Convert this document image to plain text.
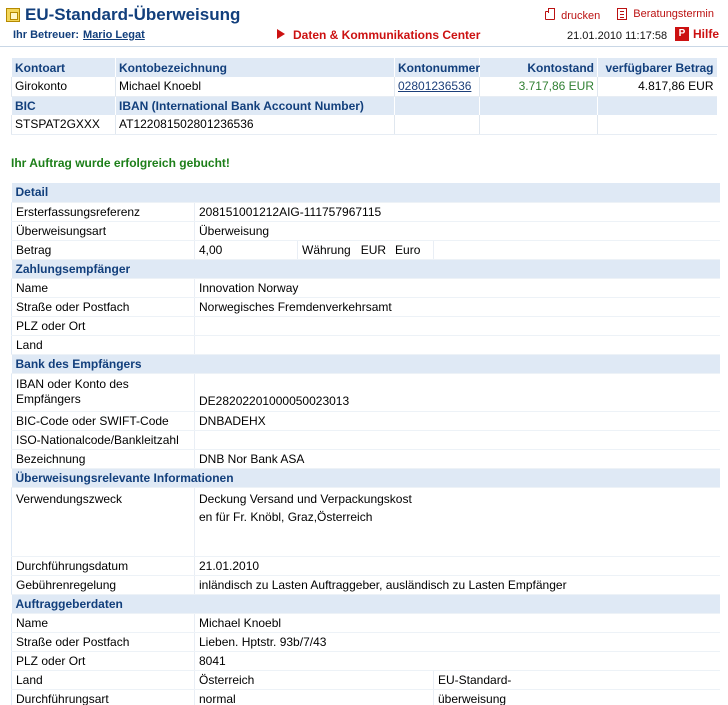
EU-Standard-Überweisung	drucken
	Beratungstermin
Ihr Betreuer: Mario Legat	Daten & Kommunikations Center	21.01.2010 11:17:58	P Hilfe
Kontoart	Kontobezeichnung	Kontonummer	Kontostand	verfügbarer Betrag
Girokonto	Michael Knoebl	02801236536	3.717,86 EUR	4.817,86 EUR
BIC	IBAN (International Bank Account Number)			
STSPAT2GXXX	AT122081502801236536			
Ihr Auftrag wurde erfolgreich gebucht!
Detail			
Ersterfassungsreferenz	208151001212AIG-111757967115		
Überweisungsart	Überweisung		
Betrag	4,00	Währung EUR Euro	
Zahlungsempfänger			
Name	Innovation Norway		
Straße oder Postfach	Norwegisches Fremdenverkehrsamt		
PLZ oder Ort			
Land			
Bank des Empfängers			
IBAN oder Konto des Empfängers	DE28202201000050023013		
BIC-Code oder SWIFT-Code	DNBADEHX		
ISO-Nationalcode/Bankleitzahl			
Bezeichnung	DNB Nor Bank ASA		
Überweisungsrelevante Informationen			
Verwendungszweck	Deckung Versand und Verpackungskost
en für Fr. Knöbl, Graz,Österreich		

Durchführungsdatum	21.01.2010		
Gebührenregelung	inländisch zu Lasten Auftraggeber, ausländisch zu Lasten Empfänger		
Auftraggeberdaten			
Name	Michael Knoebl		
Straße oder Postfach	Lieben. Hptstr. 93b/7/43		
PLZ oder Ort	8041		
Land	Österreich		EU-Standard-
Durchführungsart	normal		überweisung
